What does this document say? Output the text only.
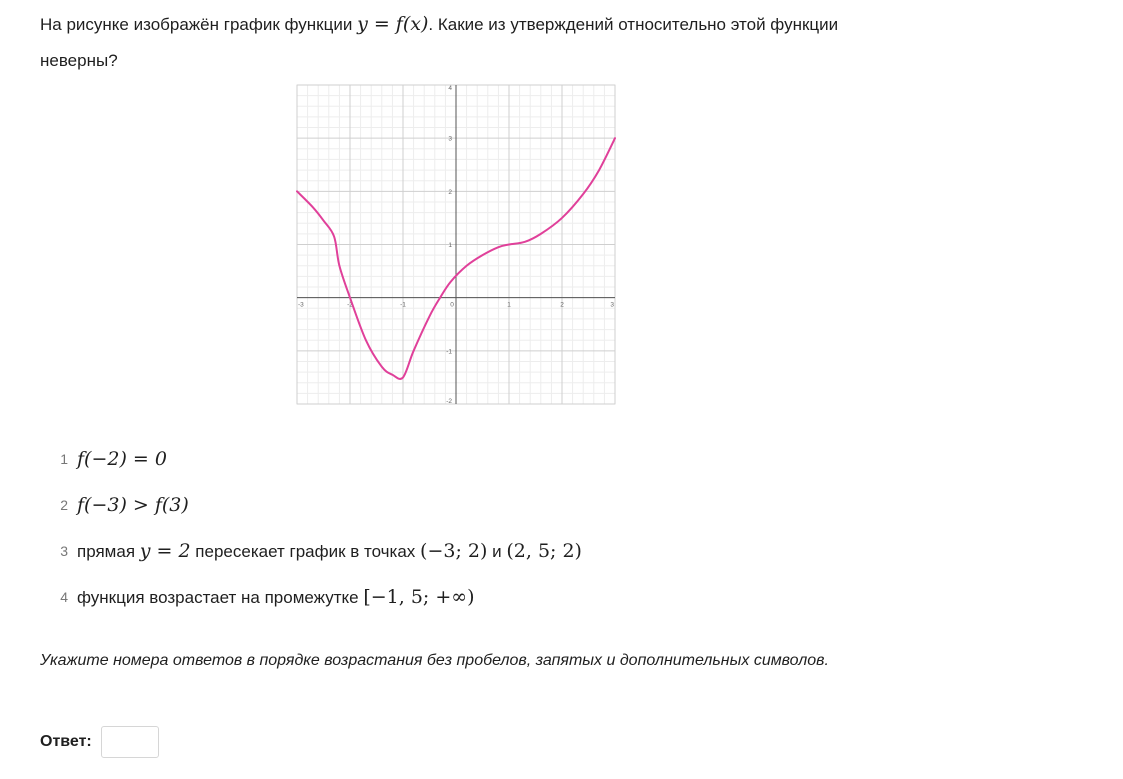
На рисунке изображён график функции y = f(x). Какие из утверждений относительно этой функции неверны?
-3	-2	-1	0	1	2	3
-2
-1
1
2
3
4
1 f(−2) = 0
2 f(−3) > f(3)
3 прямая y = 2 пересекает график в точках (−3; 2) и (2, 5; 2)
4 функция возрастает на промежутке [−1, 5; +∞)
Укажите номера ответов в порядке возрастания без пробелов, запятых и дополнительных символов.
Ответ:
